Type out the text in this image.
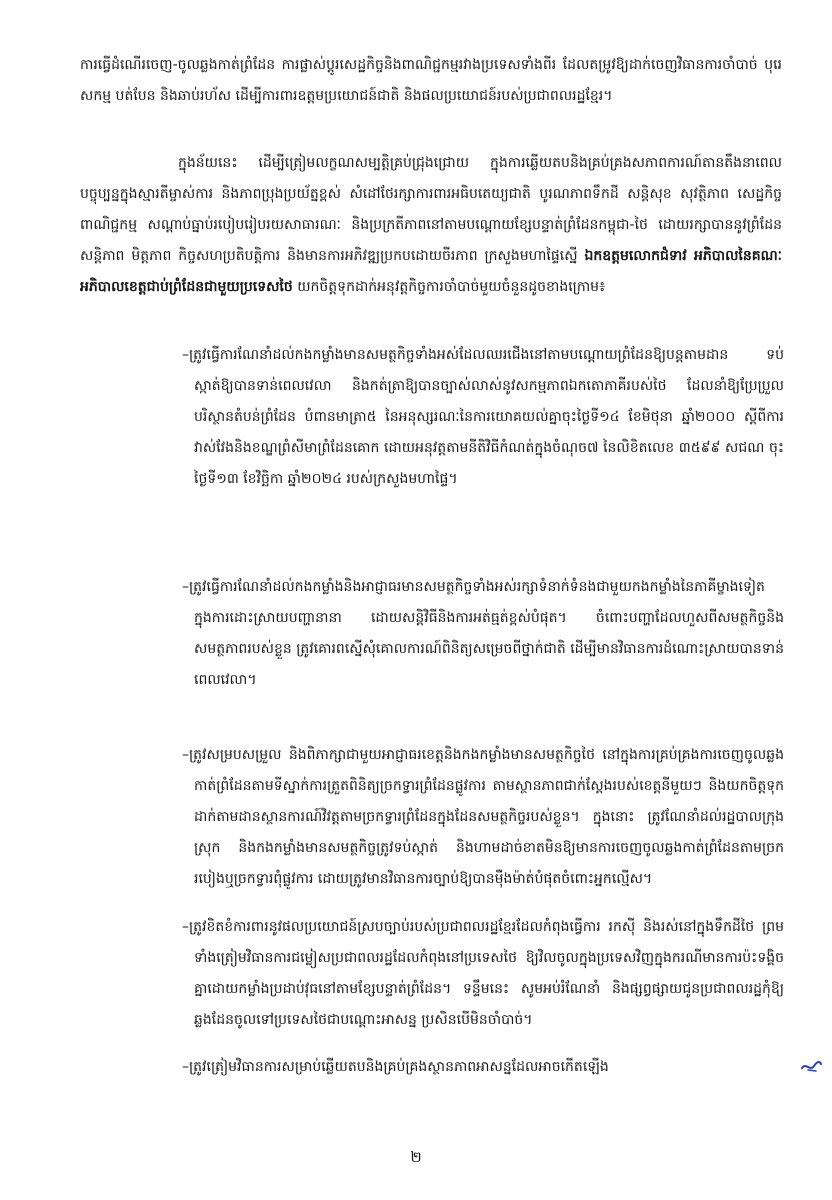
ការធ្វើដំណើរចេញ-ចូលឆ្លងកាត់ព្រំដែន ការផ្លាស់ប្តូរសេដ្ឋកិច្ចនិងពាណិជ្ជកម្មរវាងប្រទេសទាំងពីរ ដែលតម្រូវឱ្យដាក់ចេញវិធានការចាំបាច់ បុរេសកម្ម បត់បែន និងឆាប់រហ័ស ដើម្បីការពារឧត្តមប្រយោជន៍ជាតិ និងផលប្រយោជន៍របស់ប្រជាពលរដ្ឋខ្មែរ។

ក្នុងន័យនេះ ដើម្បីត្រៀមលក្ខណសម្បត្តិគ្រប់ជ្រុងជ្រោយ ក្នុងការឆ្លើយតបនិងគ្រប់គ្រងសភាពការណ៍តានតឹងនាពេលបច្ចុប្បន្នក្នុងស្មារតីម្ចាស់ការ និងភាពប្រុងប្រយ័ត្នខ្ពស់ សំដៅថែរក្សាការពារអធិបតេយ្យជាតិ បូរណភាពទឹកដី សន្តិសុខ សុវត្ថិភាព សេដ្ឋកិច្ច ពាណិជ្ជកម្ម សណ្តាប់ធ្នាប់របៀបរៀបរយសាធារណៈ និងប្រក្រតីភាពនៅតាមបណ្តោយខ្សែបន្ទាត់ព្រំដែនកម្ពុជា-ថៃ ដោយរក្សាបាននូវព្រំដែនសន្តិភាព មិត្តភាព កិច្ចសហប្រតិបត្តិការ និងមានការអភិវឌ្ឍប្រកបដោយចីរភាព ក្រសួងមហាផ្ទៃស្នើ ឯកឧត្តមលោកជំទាវ អភិបាលនៃគណៈអភិបាលខេត្តជាប់ព្រំដែនជាមួយប្រទេសថៃ យកចិត្តទុកដាក់អនុវត្តកិច្ចការចាំបាច់មួយចំនួនដូចខាងក្រោម៖

–ត្រូវធ្វើការណែនាំដល់កងកម្លាំងមានសមត្ថកិច្ចទាំងអស់ដែលឈរជើងនៅតាមបណ្តោយព្រំដែនឱ្យបន្តតាមដាន ទប់ស្កាត់ឱ្យបានទាន់ពេលវេលា និងកត់ត្រាឱ្យបានច្បាស់លាស់នូវសកម្មភាពឯកតោភាគីរបស់ថៃ ដែលនាំឱ្យប្រែប្រួលបរិស្ថានតំបន់ព្រំដែន បំពានមាត្រា៥ នៃអនុស្សរណៈនៃការយោគយល់គ្នាចុះថ្ងៃទី១៤ ខែមិថុនា ឆ្នាំ២០០០ ស្តីពីការវាស់វែងនិងខណ្ឌព្រំសីមាព្រំដែនគោក ដោយអនុវត្តតាមនីតិវិធីកំណត់ក្នុងចំណុច៧ នៃលិខិតលេខ ៣៥៩៩ សជណ ចុះថ្ងៃទី១៣ ខែវិច្ឆិកា ឆ្នាំ២០២៤ របស់ក្រសួងមហាផ្ទៃ។

–ត្រូវធ្វើការណែនាំដល់កងកម្លាំងនិងអាជ្ញាធរមានសមត្ថកិច្ចទាំងអស់រក្សាទំនាក់ទំនងជាមួយកងកម្លាំងនៃភាគីម្ខាងទៀត ក្នុងការដោះស្រាយបញ្ហានានា ដោយសន្តិវិធីនិងការអត់ធ្មត់ខ្ពស់បំផុត។ ចំពោះបញ្ហាដែលហួសពីសមត្ថកិច្ចនិងសមត្ថភាពរបស់ខ្លួន ត្រូវគោរពស្នើសុំគោលការណ៍ពិនិត្យសម្រេចពីថ្នាក់ជាតិ ដើម្បីមានវិធានការដំណោះស្រាយបានទាន់ពេលវេលា។

–ត្រូវសម្របសម្រួល និងពិភាក្សាជាមួយអាជ្ញាធរខេត្តនិងកងកម្លាំងមានសមត្ថកិច្ចថៃ នៅក្នុងការគ្រប់គ្រងការចេញចូលឆ្លងកាត់ព្រំដែនតាមទីស្នាក់ការត្រួតពិនិត្យច្រកទ្វារព្រំដែនផ្លូវការ តាមស្ថានភាពជាក់ស្តែងរបស់ខេត្តនីមួយៗ និងយកចិត្តទុកដាក់តាមដានស្ថានការណ៍វិវត្តតាមច្រកទ្វារព្រំដែនក្នុងដែនសមត្ថកិច្ចរបស់ខ្លួន។ ក្នុងនោះ ត្រូវណែនាំដល់រដ្ឋបាលក្រុង ស្រុក និងកងកម្លាំងមានសមត្ថកិច្ចត្រូវទប់ស្កាត់ និងហាមដាច់ខាតមិនឱ្យមានការចេញចូលឆ្លងកាត់ព្រំដែនតាមច្រករបៀងឬច្រកទ្វារពុំផ្លូវការ ដោយត្រូវមានវិធានការច្បាប់ឱ្យបានម៉ឺងម៉ាត់បំផុតចំពោះអ្នកល្មើស។

–ត្រូវខិតខំការពារនូវផលប្រយោជន៍ស្របច្បាប់របស់ប្រជាពលរដ្ឋខ្មែរដែលកំពុងធ្វើការ រកស៊ី និងរស់នៅក្នុងទឹកដីថៃ ព្រមទាំងត្រៀមវិធានការជម្លៀសប្រជាពលរដ្ឋដែលកំពុងនៅប្រទេសថៃ ឱ្យវិលចូលក្នុងប្រទេសវិញក្នុងករណីមានការប៉ះទង្គិចគ្នាដោយកម្លាំងប្រដាប់វុធនៅតាមខ្សែបន្ទាត់ព្រំដែន។ ទន្ទឹមនេះ សូមអប់រំណែនាំ និងផ្សព្វផ្សាយជូនប្រជាពលរដ្ឋកុំឱ្យឆ្លងដែនចូលទៅប្រទេសថៃជាបណ្តោះអាសន្ន ប្រសិនបើមិនចាំបាច់។

–ត្រូវត្រៀមវិធានការសម្រាប់ឆ្លើយតបនិងគ្រប់គ្រងស្ថានភាពអាសន្នដែលអាចកើតឡើង

២
